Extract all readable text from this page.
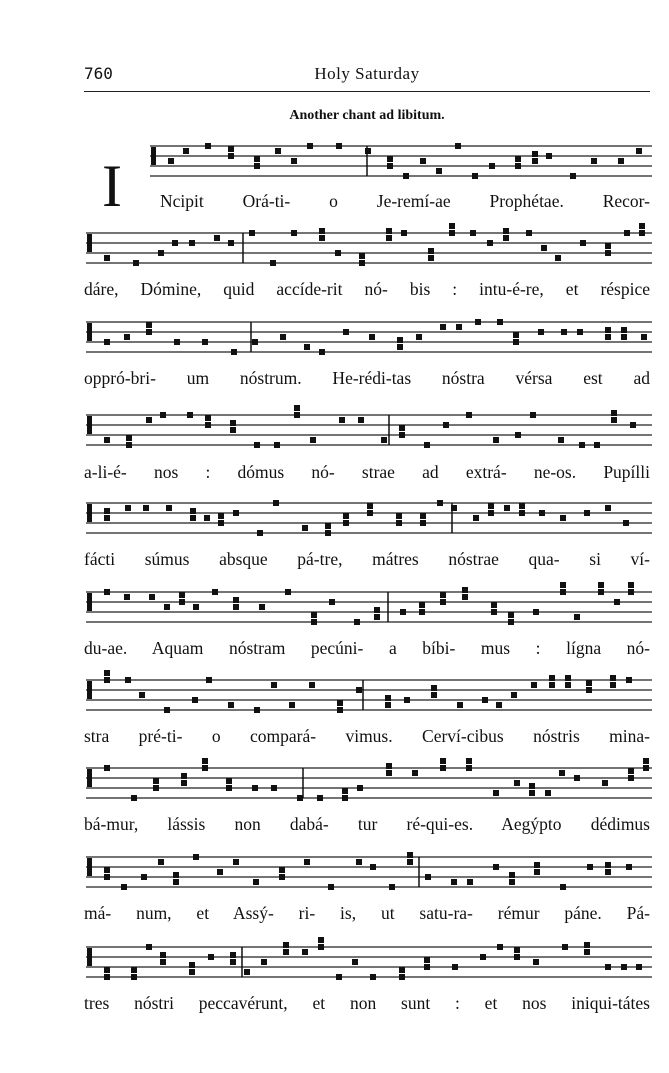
760	Holy Saturday
Another chant ad libitum.
I Ncipit Orá-ti- o Je-remí-ae Prophétae. Recor-
dáre, Dómine, quid accíde-rit nó- bis : intu-é-re, et réspice
oppró-bri- um nóstrum. He-rédi-tas nóstra vérsa est ad
a-li-é- nos : dómus nó- strae ad extrá- ne-os. Pupílli
fácti súmus absque pá-tre, mátres nóstrae qua- si ví-
du-ae. Aquam nóstram pecúni- a bíbi- mus : lígna nó-
stra pré-ti- o compará- vimus. Cerví-cibus nóstris mina-
bá-mur, lássis non dabá- tur ré-qui-es. Aegýpto dédimus
má- num, et Assý- ri- is, ut satu-ra- rémur páne. Pá-
tres nóstri peccavérunt, et non sunt : et nos iniqui-tátes
